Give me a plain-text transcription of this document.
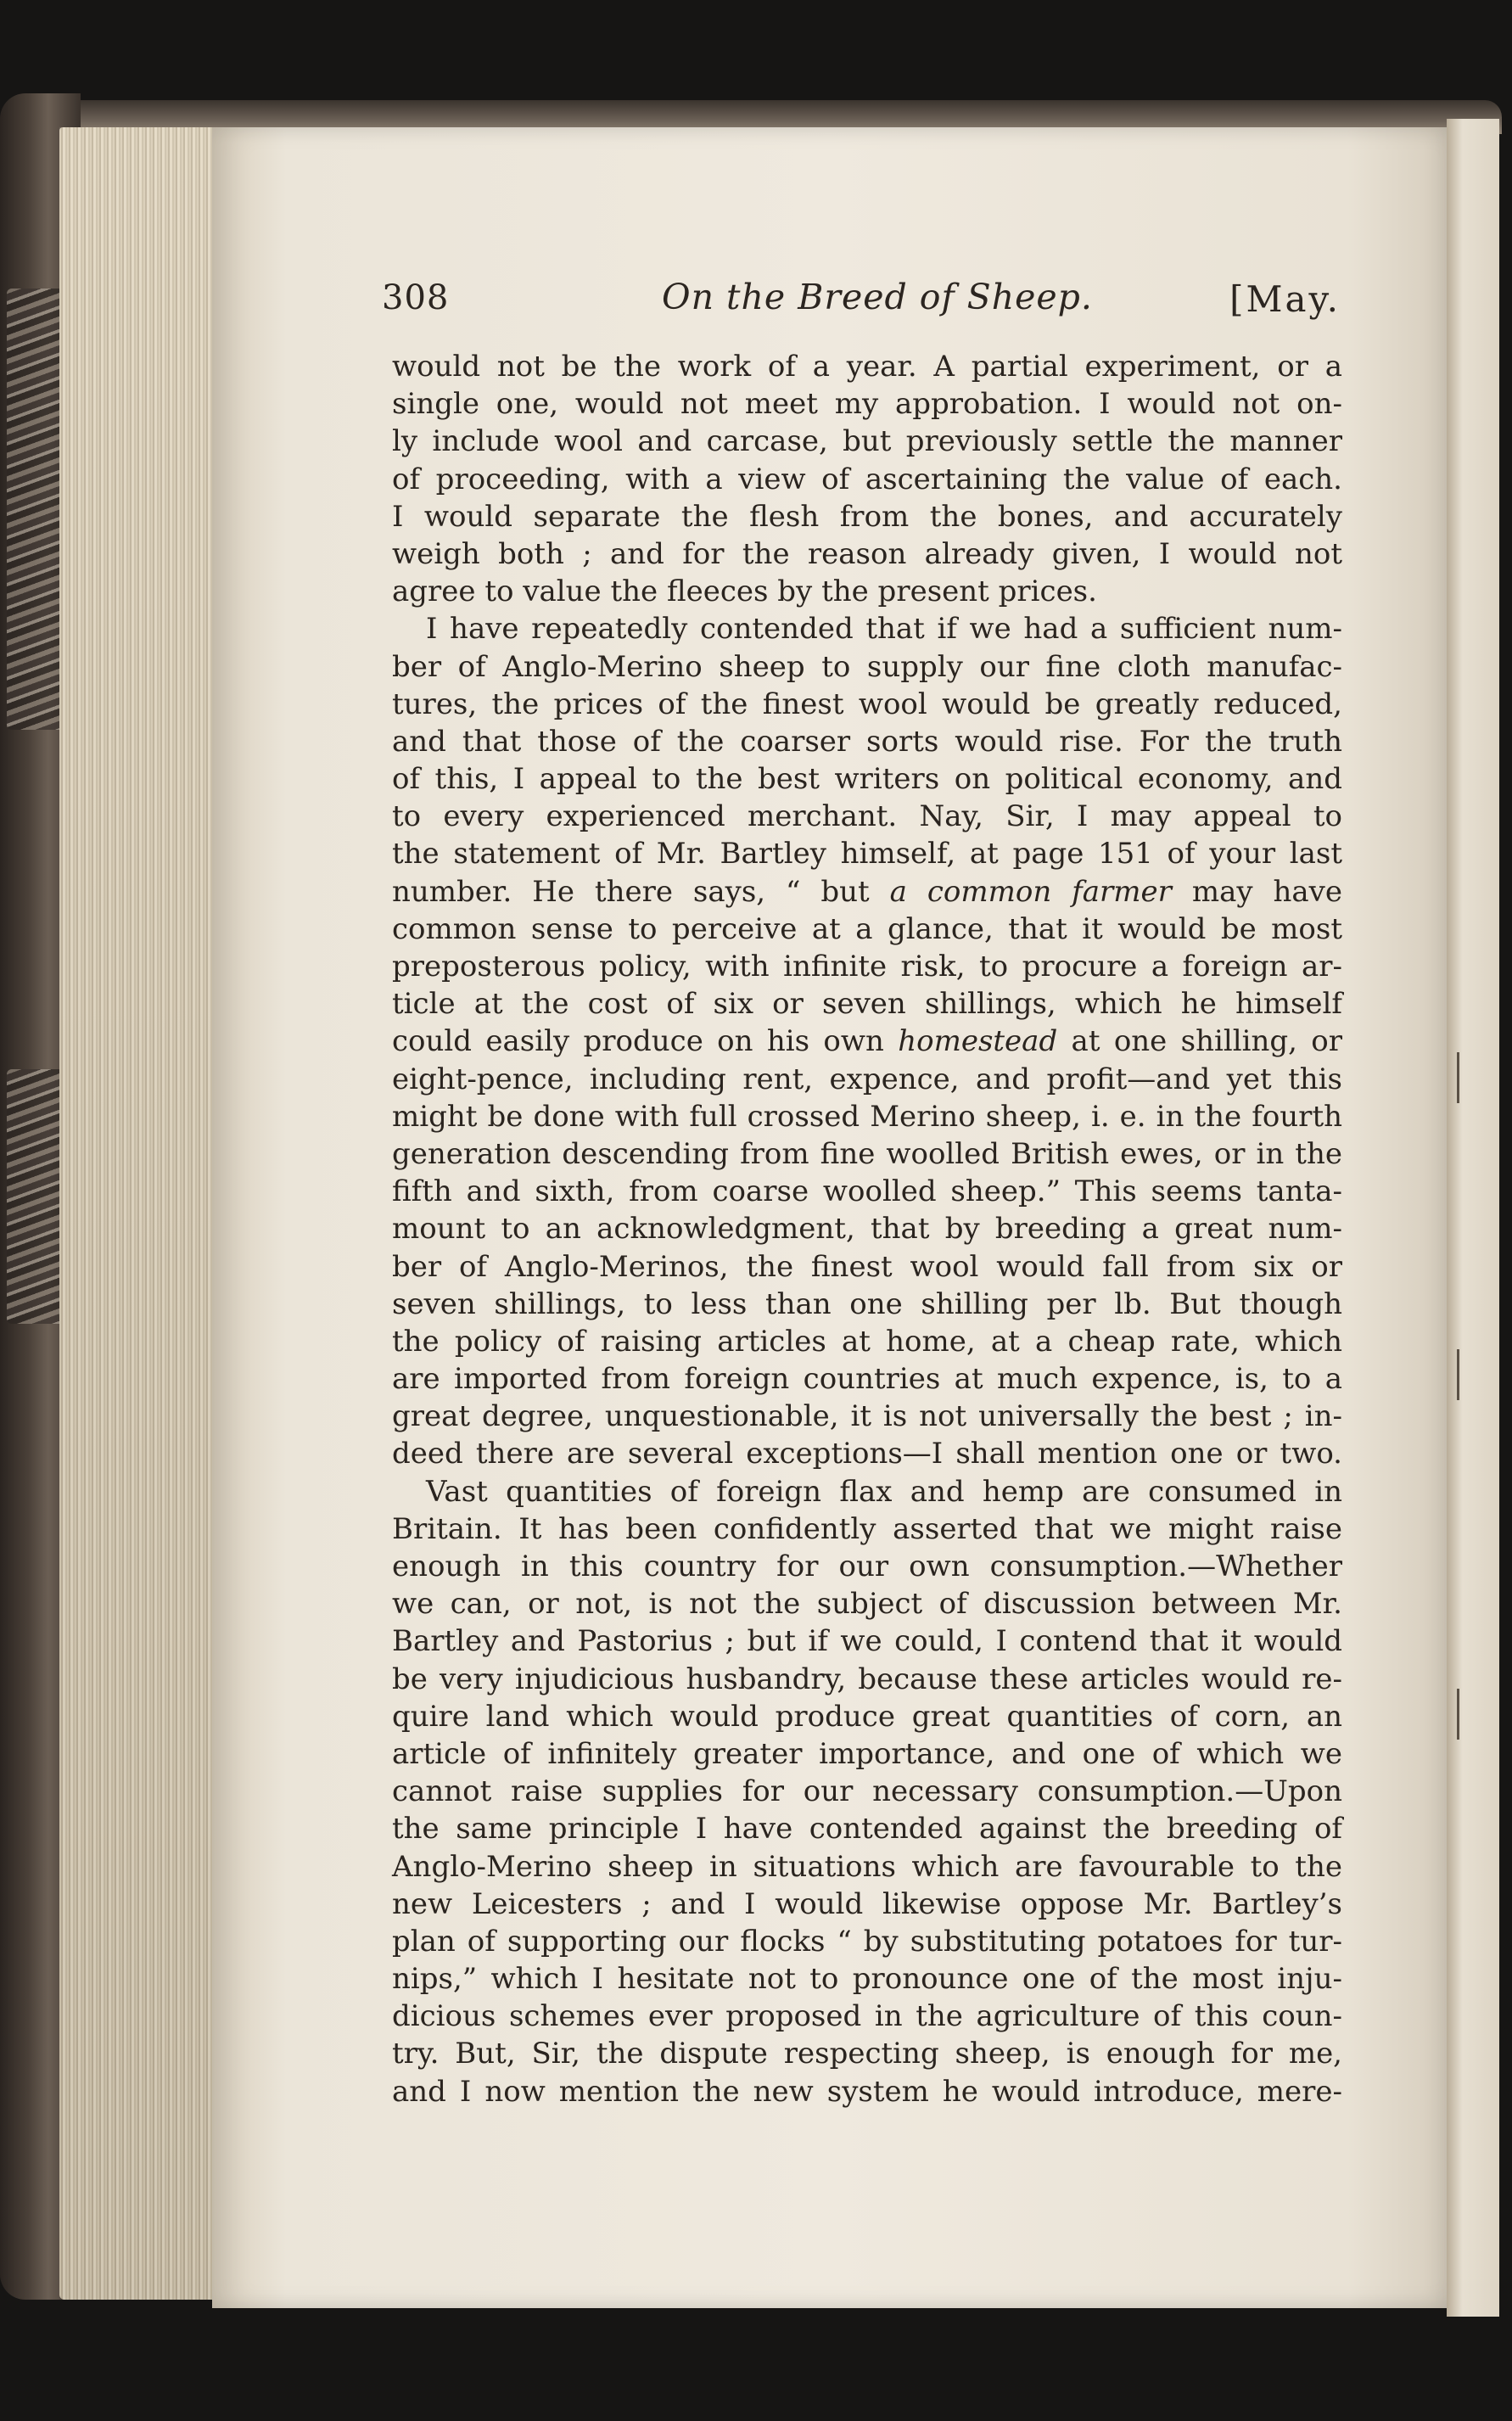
308	On the Breed of Sheep.	[May.
would not be the work of a year. A partial experiment, or a
single one, would not meet my approbation. I would not on-
ly include wool and carcase, but previously settle the manner
of proceeding, with a view of ascertaining the value of each.
I would separate the flesh from the bones, and accurately
weigh both ; and for the reason already given, I would not
agree to value the fleeces by the present prices.
I have repeatedly contended that if we had a sufficient num-
ber of Anglo-Merino sheep to supply our fine cloth manufac-
tures, the prices of the finest wool would be greatly reduced,
and that those of the coarser sorts would rise. For the truth
of this, I appeal to the best writers on political economy, and
to every experienced merchant. Nay, Sir, I may appeal to
the statement of Mr. Bartley himself, at page 151 of your last
number. He there says, “ but a common farmer may have
common sense to perceive at a glance, that it would be most
preposterous policy, with infinite risk, to procure a foreign ar-
ticle at the cost of six or seven shillings, which he himself
could easily produce on his own homestead at one shilling, or
eight-pence, including rent, expence, and profit—and yet this
might be done with full crossed Merino sheep, i. e. in the fourth
generation descending from fine woolled British ewes, or in the
fifth and sixth, from coarse woolled sheep.” This seems tanta-
mount to an acknowledgment, that by breeding a great num-
ber of Anglo-Merinos, the finest wool would fall from six or
seven shillings, to less than one shilling per lb. But though
the policy of raising articles at home, at a cheap rate, which
are imported from foreign countries at much expence, is, to a
great degree, unquestionable, it is not universally the best ; in-
deed there are several exceptions—I shall mention one or two.
Vast quantities of foreign flax and hemp are consumed in
Britain. It has been confidently asserted that we might raise
enough in this country for our own consumption.—Whether
we can, or not, is not the subject of discussion between Mr.
Bartley and Pastorius ; but if we could, I contend that it would
be very injudicious husbandry, because these articles would re-
quire land which would produce great quantities of corn, an
article of infinitely greater importance, and one of which we
cannot raise supplies for our necessary consumption.—Upon
the same principle I have contended against the breeding of
Anglo-Merino sheep in situations which are favourable to the
new Leicesters ; and I would likewise oppose Mr. Bartley’s
plan of supporting our flocks “ by substituting potatoes for tur-
nips,” which I hesitate not to pronounce one of the most inju-
dicious schemes ever proposed in the agriculture of this coun-
try. But, Sir, the dispute respecting sheep, is enough for me,
and I now mention the new system he would introduce, mere-
